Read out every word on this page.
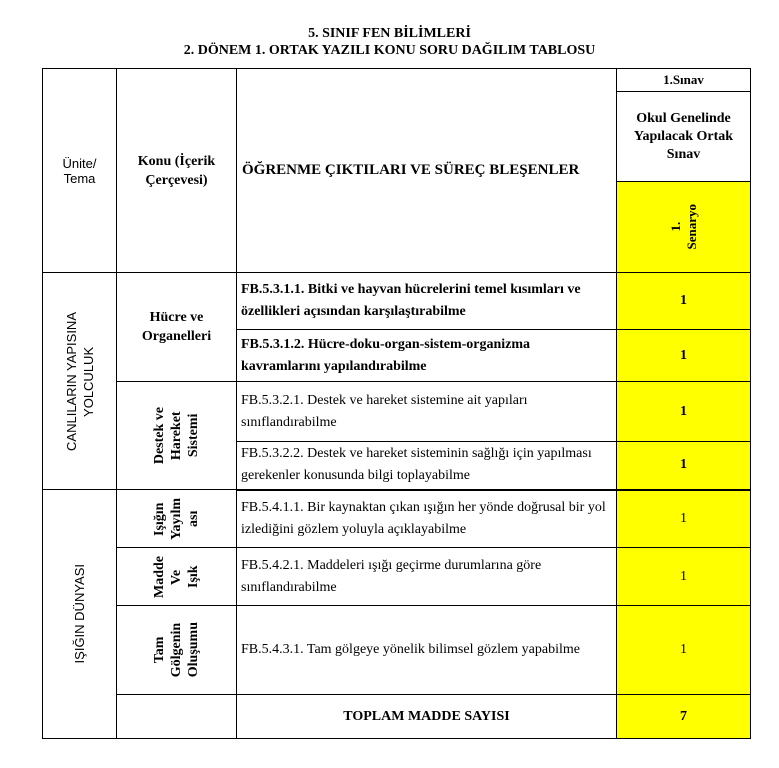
5. SINIF FEN BİLİMLERİ
2. DÖNEM 1. ORTAK YAZILI KONU SORU DAĞILIM TABLOSU
Ünite/
Tema	Konu (İçerik
Çerçevesi)	ÖĞRENME ÇIKTILARI VE SÜREÇ BLEŞENLER	1.Sınav
			Okul Genelinde
Yapılacak Ortak
Sınav

			1.
Senaryo

CANLILARIN YAPISINA
YOLCULUK	Hücre ve
Organelleri	FB.5.3.1.1. Bitki ve hayvan hücrelerini temel kısımları ve özellikleri açısından karşılaştırabilme	1
		FB.5.3.1.2. Hücre-doku-organ-sistem-organizma kavramlarını yapılandırabilme	1

	Destek ve
Hareket
Sistemi	FB.5.3.2.1. Destek ve hareket sistemine ait yapıları sınıflandırabilme	1
		FB.5.3.2.2. Destek ve hareket sisteminin sağlığı için yapılması gerekenler konusunda bilgi toplayabilme	1

IŞIĞIN DÜNYASI	Işığın
Yayılm
ası	FB.5.4.1.1. Bir kaynaktan çıkan ışığın her yönde doğrusal bir yol izlediğini gözlem yoluyla açıklayabilme	1

	Madde
Ve
Işık	FB.5.4.2.1. Maddeleri ışığı geçirme durumlarına göre sınıflandırabilme	1

	Tam
Gölgenin
Oluşumu	FB.5.4.3.1. Tam gölgeye yönelik bilimsel gözlem yapabilme	1
		TOPLAM MADDE SAYISI	7
